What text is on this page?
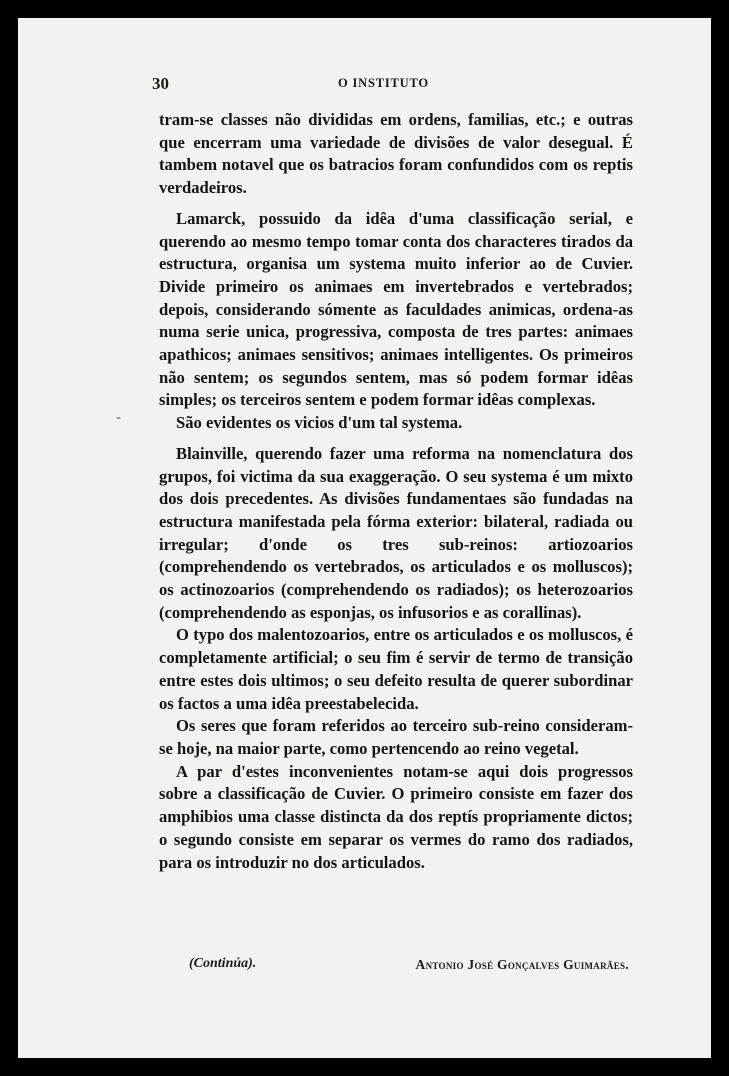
30	O INSTITUTO

tram-se classes não divididas em ordens, familias, etc.; e outras que encerram uma variedade de divisões de valor desegual. É tambem notavel que os batracios foram confundidos com os reptis verdadeiros.

Lamarck, possuido da idêa d'uma classificação serial, e querendo ao mesmo tempo tomar conta dos characteres tirados da estructura, organisa um systema muito inferior ao de Cuvier. Divide primeiro os animaes em invertebrados e vertebrados; depois, considerando sómente as faculdades animicas, ordena-as numa serie unica, progressiva, composta de tres partes: animaes apathicos; animaes sensitivos; animaes intelligentes. Os primeiros não sentem; os segundos sentem, mas só podem formar idêas simples; os terceiros sentem e podem formar idêas complexas.

São evidentes os vicios d'um tal systema.

Blainville, querendo fazer uma reforma na nomenclatura dos grupos, foi victima da sua exaggeração. O seu systema é um mixto dos dois precedentes. As divisões fundamentaes são fundadas na estructura manifestada pela fórma exterior: bilateral, radiada ou irregular; d'onde os tres sub-reinos: artiozoarios (comprehendendo os vertebrados, os articulados e os molluscos); os actinozoarios (comprehendendo os radiados); os heterozoarios (comprehendendo as esponjas, os infusorios e as corallinas).

O typo dos malentozoarios, entre os articulados e os molluscos, é completamente artificial; o seu fim é servir de termo de transição entre estes dois ultimos; o seu defeito resulta de querer subordinar os factos a uma idêa preestabelecida.

Os seres que foram referidos ao terceiro sub-reino consideram-se hoje, na maior parte, como pertencendo ao reino vegetal.

A par d'estes inconvenientes notam-se aqui dois progressos sobre a classificação de Cuvier. O primeiro consiste em fazer dos amphibios uma classe distincta da dos reptís propriamente dictos; o segundo consiste em separar os vermes do ramo dos radiados, para os introduzir no dos articulados.

(Continúa).	Antonio José Gonçalves Guimarães.
-
